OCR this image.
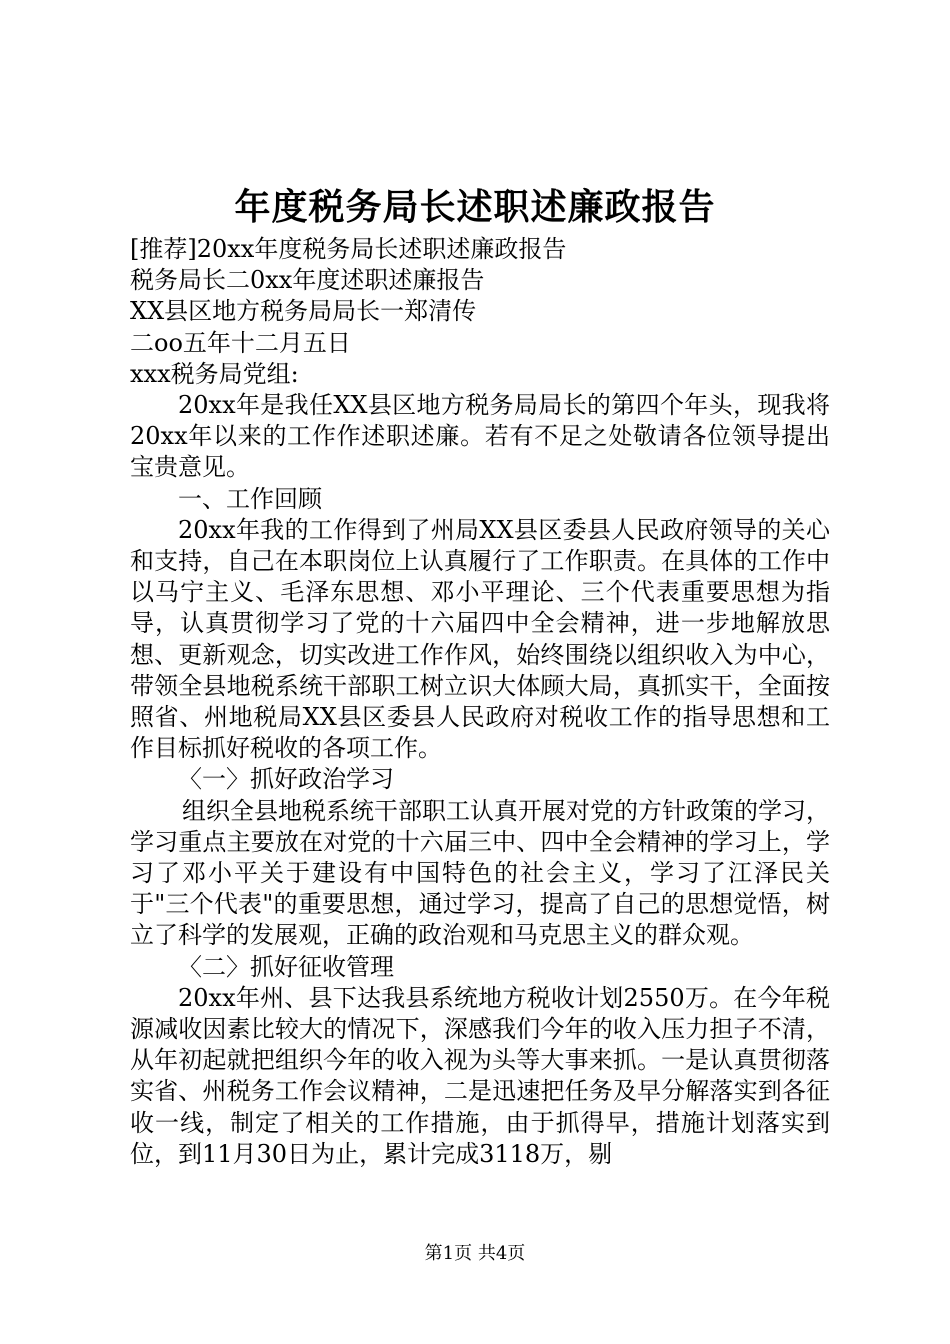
年度税务局长述职述廉政报告
[推荐]20xx年度税务局长述职述廉政报告
税务局长二0xx年度述职述廉报告
XX县区地方税务局局长一郑清传
二oo五年十二月五日
xxx税务局党组:

20xx年是我任XX县区地方税务局局长的第四个年头，现我将20xx年以来的工作作述职述廉。若有不足之处敬请各位领导提出宝贵意见。

一、工作回顾

20xx年我的工作得到了州局XX县区委县人民政府领导的关心和支持，自己在本职岗位上认真履行了工作职责。在具体的工作中以马宁主义、毛泽东思想、邓小平理论、三个代表重要思想为指导，认真贯彻学习了党的十六届四中全会精神，进一步地解放思想、更新观念，切实改进工作作风，始终围绕以组织收入为中心，带领全县地税系统干部职工树立识大体顾大局，真抓实干，全面按照省、州地税局XX县区委县人民政府对税收工作的指导思想和工作目标抓好税收的各项工作。

〈一〉抓好政治学习

组织全县地税系统干部职工认真开展对党的方针政策的学习，学习重点主要放在对党的十六届三中、四中全会精神的学习上，学习了邓小平关于建设有中国特色的社会主义，学习了江泽民关于"三个代表"的重要思想，通过学习，提高了自己的思想觉悟，树立了科学的发展观，正确的政治观和马克思主义的群众观。

〈二〉抓好征收管理

20xx年州、县下达我县系统地方税收计划2550万。在今年税源减收因素比较大的情况下，深感我们今年的收入压力担子不清，从年初起就把组织今年的收入视为头等大事来抓。一是认真贯彻落实省、州税务工作会议精神，二是迅速把任务及早分解落实到各征收一线，制定了相关的工作措施，由于抓得早，措施计划落实到位，到11月30日为止，累计完成3118万，剔

第1页 共4页
